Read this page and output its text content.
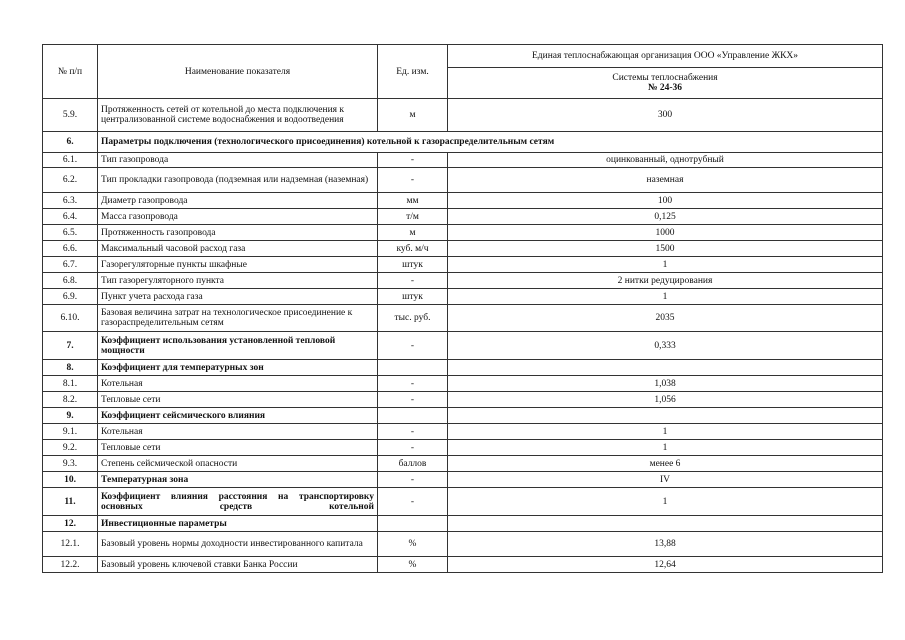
№ п/п	Наименование показателя	Ед. изм.	Единая теплоснабжающая организация ООО «Управление ЖКХ»
			Системы теплоснабжения
№ 24-36
5.9.	Протяженность сетей от котельной до места подключения к централизованной системе водоснабжения и водоотведения	м	300
6.	Параметры подключения (технологического присоединения) котельной к газораспределительным сетям		
6.1.	Тип газопровода	-	оцинкованный, однотрубный
6.2.	Тип прокладки газопровода (подземная или надземная (наземная)	-	наземная
6.3.	Диаметр газопровода	мм	100
6.4.	Масса газопровода	т/м	0,125
6.5.	Протяженность газопровода	м	1000
6.6.	Максимальный часовой расход газа	куб. м/ч	1500
6.7.	Газорегуляторные пункты шкафные	штук	1
6.8.	Тип газорегуляторного пункта	-	2 нитки редуцирования
6.9.	Пункт учета расхода газа	штук	1
6.10.	Базовая величина затрат на технологическое присоединение к газораспределительным сетям	тыс. руб.	2035
7.	Коэффициент использования установленной тепловой мощности	-	0,333
8.	Коэффициент для температурных зон		
8.1.	Котельная	-	1,038
8.2.	Тепловые сети	-	1,056
9.	Коэффициент сейсмического влияния		
9.1.	Котельная	-	1
9.2.	Тепловые сети	-	1
9.3.	Степень сейсмической опасности	баллов	менее 6
10.	Температурная зона	-	IV
11.	Коэффициент влияния расстояния на транспортировку основных средств котельной	-	1
12.	Инвестиционные параметры		
12.1.	Базовый уровень нормы доходности инвестированного капитала	%	13,88
12.2.	Базовый уровень ключевой ставки Банка России	%	12,64
